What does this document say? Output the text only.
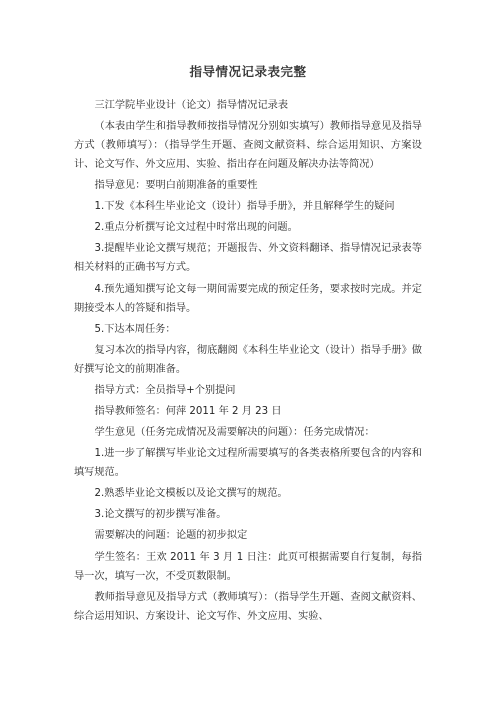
指导情况记录表完整

三江学院毕业设计（论文）指导情况记录表

（本表由学生和指导教师按指导情况分别如实填写）教师指导意见及指导方式（教师填写）：（指导学生开题、查阅文献资料、综合运用知识、方案设计、论文写作、外文应用、实验、指出存在问题及解决办法等简况）

指导意见：要明白前期准备的重要性

1.下发《本科生毕业论文（设计）指导手册》，并且解释学生的疑问

2.重点分析撰写论文过程中时常出现的问题。

3.提醒毕业论文撰写规范；开题报告、外文资料翻译、指导情况记录表等相关材料的正确书写方式。

4.预先通知撰写论文每一期间需要完成的预定任务，要求按时完成。并定期接受本人的答疑和指导。

5.下达本周任务：

复习本次的指导内容，彻底翻阅《本科生毕业论文（设计）指导手册》做好撰写论文的前期准备。

指导方式：全员指导+个别提问

指导教师签名：何萍 2011 年 2 月 23 日

学生意见（任务完成情况及需要解决的问题）：任务完成情况：

1.进一步了解撰写毕业论文过程所需要填写的各类表格所要包含的内容和填写规范。

2.熟悉毕业论文模板以及论文撰写的规范。

3.论文撰写的初步撰写准备。

需要解决的问题：论题的初步拟定

学生签名：王欢 2011 年 3 月 1 日注：此页可根据需要自行复制，每指导一次，填写一次，不受页数限制。

教师指导意见及指导方式（教师填写）：（指导学生开题、查阅文献资料、综合运用知识、方案设计、论文写作、外文应用、实验、
